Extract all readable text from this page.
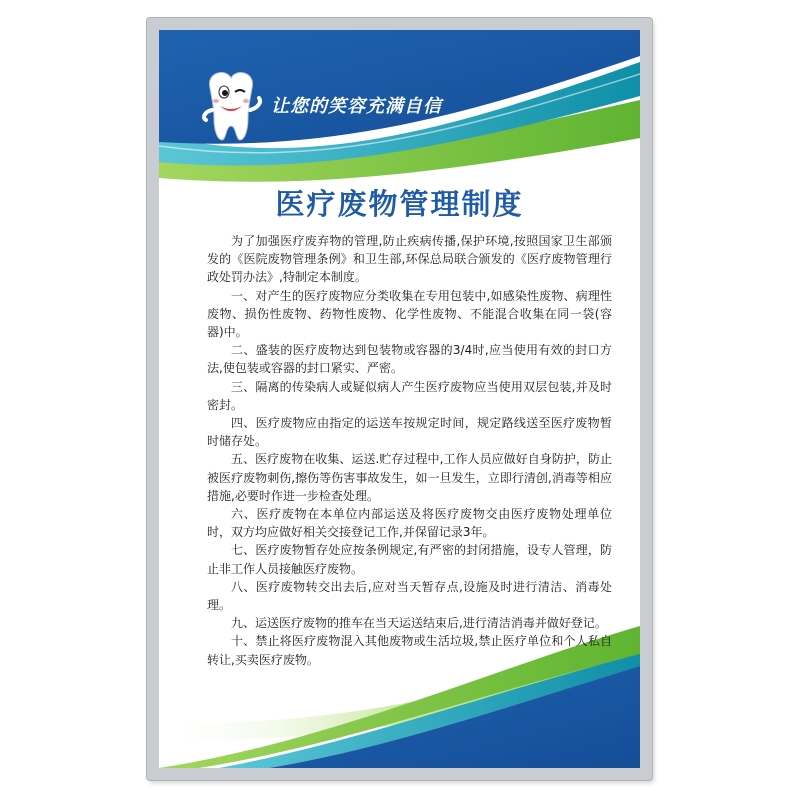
让您的笑容充满自信
医疗废物管理制度

为了加强医疗废弃物的管理,防止疾病传播,保护环境,按照国家卫生部颁发的《医院废物管理条例》和卫生部,环保总局联合颁发的《医疗废物管理行政处罚办法》,特制定本制度。

一、对产生的医疗废物应分类收集在专用包装中,如感染性废物、病理性废物、损伤性废物、药物性废物、化学性废物、不能混合收集在同一袋(容器)中。

二、盛装的医疗废物达到包装物或容器的3/4时,应当使用有效的封口方法,使包装或容器的封口紧实、严密。

三、隔离的传染病人或疑似病人产生医疗废物应当使用双层包装,并及时密封。

四、医疗废物应由指定的运送车按规定时间，规定路线送至医疗废物暂时储存处。

五、医疗废物在收集、运送.贮存过程中,工作人员应做好自身防护，防止被医疗废物刺伤,擦伤等伤害事故发生，如一旦发生，立即行清创,消毒等相应措施,必要时作进一步检查处理。

六、医疗废物在本单位内部运送及将医疗废物交由医疗废物处理单位时，双方均应做好相关交接登记工作,并保留记录3年。

七、医疗废物暂存处应按条例规定,有严密的封闭措施，设专人管理，防止非工作人员接触医疗废物。

八、医疗废物转交出去后,应对当天暂存点,设施及时进行清洁、消毒处理。

九、运送医疗废物的推车在当天运送结束后,进行清洁消毒并做好登记。

十、禁止将医疗废物混入其他废物或生活垃圾,禁止医疗单位和个人私自转让,买卖医疗废物。
